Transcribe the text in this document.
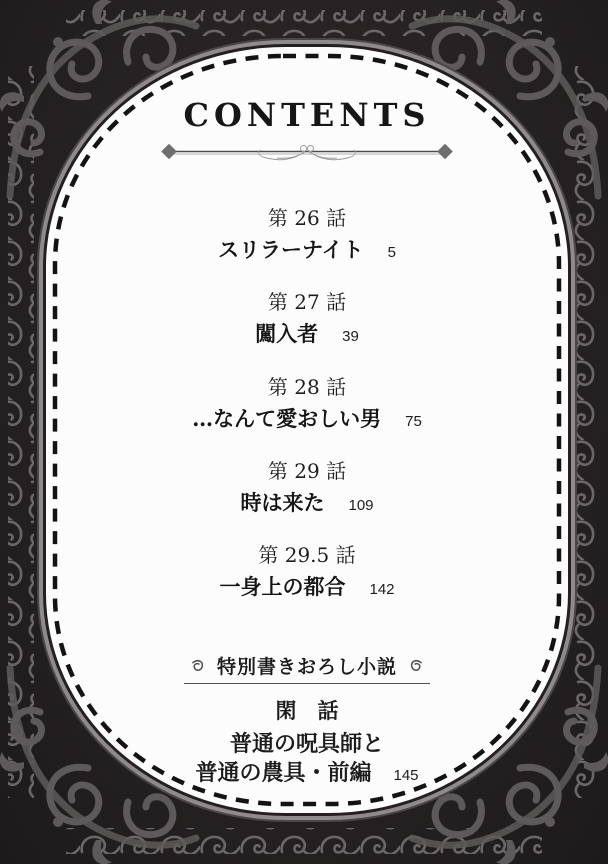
CONTENTS
第 26 話
スリラーナイト 5
第 27 話
闖入者 39
第 28 話
…なんて愛おしい男 75
第 29 話
時は来た 109
第 29.5 話
一身上の都合 142
特別書きおろし小説
閑　話
普通の呪具師と
普通の農具・前編 145
